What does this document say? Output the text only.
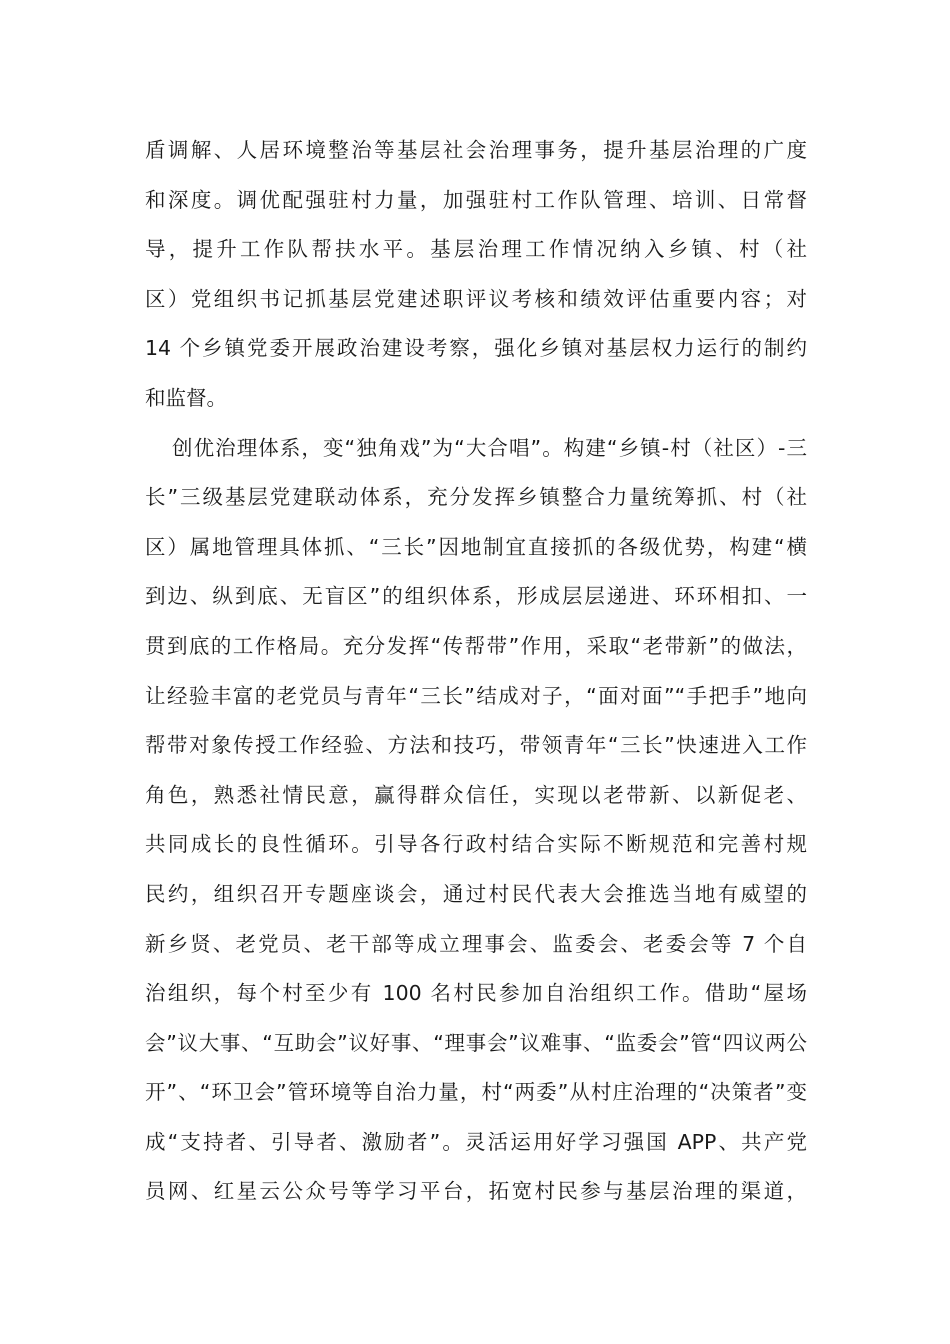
盾调解、人居环境整治等基层社会治理事务，提升基层治理的广度
和深度。调优配强驻村力量，加强驻村工作队管理、培训、日常督
导，提升工作队帮扶水平。基层治理工作情况纳入乡镇、村（社
区）党组织书记抓基层党建述职评议考核和绩效评估重要内容；对
14 个乡镇党委开展政治建设考察，强化乡镇对基层权力运行的制约
和监督。
创优治理体系，变“独角戏”为“大合唱”。构建“乡镇-村（社区）-三
长”三级基层党建联动体系，充分发挥乡镇整合力量统筹抓、村（社
区）属地管理具体抓、“三长”因地制宜直接抓的各级优势，构建“横
到边、纵到底、无盲区”的组织体系，形成层层递进、环环相扣、一
贯到底的工作格局。充分发挥“传帮带”作用，采取“老带新”的做法，
让经验丰富的老党员与青年“三长”结成对子，“面对面”“手把手”地向
帮带对象传授工作经验、方法和技巧，带领青年“三长”快速进入工作
角色，熟悉社情民意，赢得群众信任，实现以老带新、以新促老、
共同成长的良性循环。引导各行政村结合实际不断规范和完善村规
民约，组织召开专题座谈会，通过村民代表大会推选当地有威望的
新乡贤、老党员、老干部等成立理事会、监委会、老委会等 7 个自
治组织，每个村至少有 100 名村民参加自治组织工作。借助“屋场
会”议大事、“互助会”议好事、“理事会”议难事、“监委会”管“四议两公
开”、“环卫会”管环境等自治力量，村“两委”从村庄治理的“决策者”变
成“支持者、引导者、激励者”。灵活运用好学习强国 APP、共产党
员网、红星云公众号等学习平台，拓宽村民参与基层治理的渠道，
